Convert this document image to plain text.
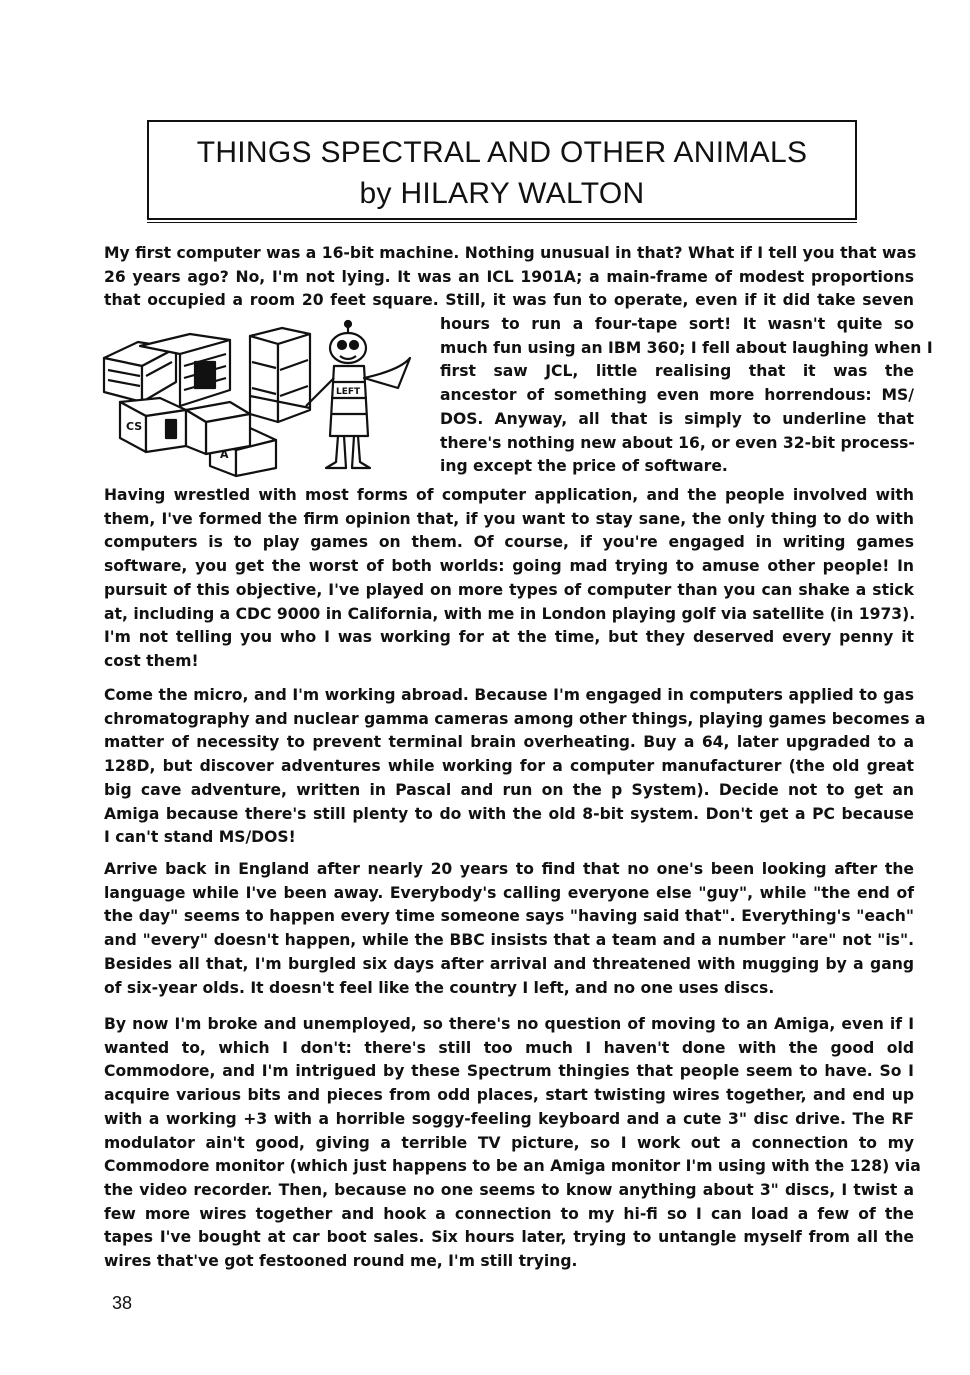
THINGS SPECTRAL AND OTHER ANIMALS
by HILARY WALTON
My first computer was a 16-bit machine. Nothing unusual in that? What if I tell you that was
26 years ago? No, I'm not lying. It was an ICL 1901A; a main-frame of modest proportions
that occupied a room 20 feet square. Still, it was fun to operate, even if it did take seven
CS
A
LEFT
hours to run a four-tape sort! It wasn't quite so
much fun using an IBM 360; I fell about laughing when I
first saw JCL, little realising that it was the
ancestor of something even more horrendous: MS/
DOS. Anyway, all that is simply to underline that
there's nothing new about 16, or even 32-bit process-
ing except the price of software.
Having wrestled with most forms of computer application, and the people involved with
them, I've formed the firm opinion that, if you want to stay sane, the only thing to do with
computers is to play games on them. Of course, if you're engaged in writing games
software, you get the worst of both worlds: going mad trying to amuse other people! In
pursuit of this objective, I've played on more types of computer than you can shake a stick
at, including a CDC 9000 in California, with me in London playing golf via satellite (in 1973).
I'm not telling you who I was working for at the time, but they deserved every penny it
cost them!
Come the micro, and I'm working abroad. Because I'm engaged in computers applied to gas
chromatography and nuclear gamma cameras among other things, playing games becomes a
matter of necessity to prevent terminal brain overheating. Buy a 64, later upgraded to a
128D, but discover adventures while working for a computer manufacturer (the old great
big cave adventure, written in Pascal and run on the p System). Decide not to get an
Amiga because there's still plenty to do with the old 8-bit system. Don't get a PC because
I can't stand MS/DOS!
Arrive back in England after nearly 20 years to find that no one's been looking after the
language while I've been away. Everybody's calling everyone else "guy", while "the end of
the day" seems to happen every time someone says "having said that". Everything's "each"
and "every" doesn't happen, while the BBC insists that a team and a number "are" not "is".
Besides all that, I'm burgled six days after arrival and threatened with mugging by a gang
of six-year olds. It doesn't feel like the country I left, and no one uses discs.
By now I'm broke and unemployed, so there's no question of moving to an Amiga, even if I
wanted to, which I don't: there's still too much I haven't done with the good old
Commodore, and I'm intrigued by these Spectrum thingies that people seem to have. So I
acquire various bits and pieces from odd places, start twisting wires together, and end up
with a working +3 with a horrible soggy-feeling keyboard and a cute 3" disc drive. The RF
modulator ain't good, giving a terrible TV picture, so I work out a connection to my
Commodore monitor (which just happens to be an Amiga monitor I'm using with the 128) via
the video recorder. Then, because no one seems to know anything about 3" discs, I twist a
few more wires together and hook a connection to my hi-fi so I can load a few of the
tapes I've bought at car boot sales. Six hours later, trying to untangle myself from all the
wires that've got festooned round me, I'm still trying.
38
